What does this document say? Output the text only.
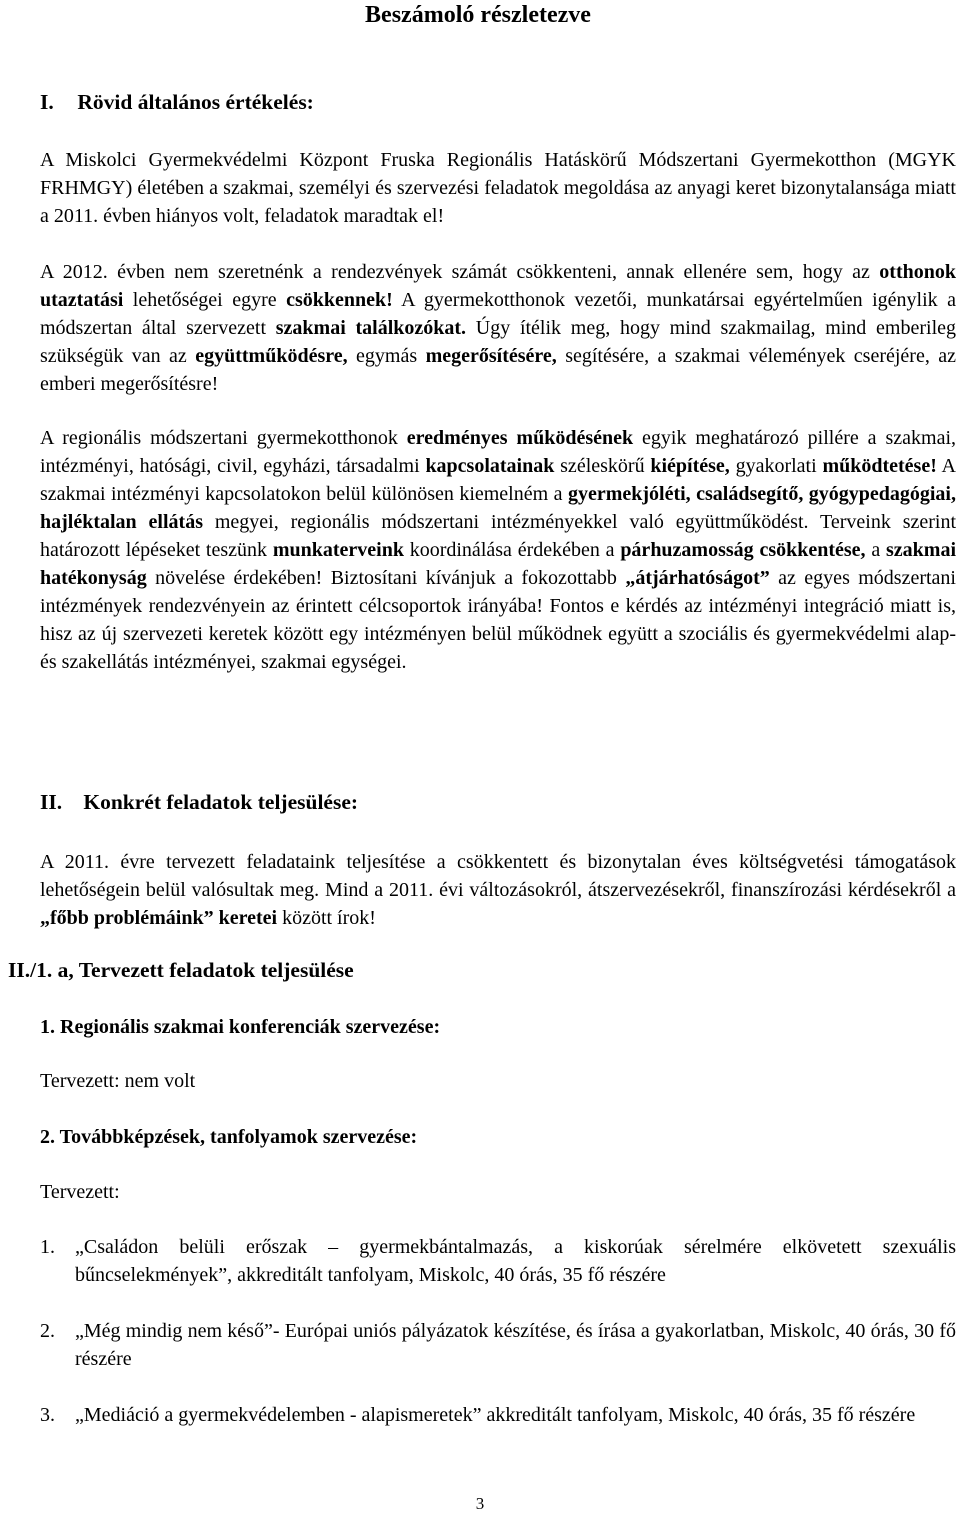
Beszámoló részletezve
I. Rövid általános értékelés:
A Miskolci Gyermekvédelmi Központ Fruska Regionális Hatáskörű Módszertani Gyermekotthon (MGYK FRHMGY) életében a szakmai, személyi és szervezési feladatok megoldása az anyagi keret bizonytalansága miatt a 2011. évben hiányos volt, feladatok maradtak el!
A 2012. évben nem szeretnénk a rendezvények számát csökkenteni, annak ellenére sem, hogy az otthonok utaztatási lehetőségei egyre csökkennek! A gyermekotthonok vezetői, munkatársai egyértelműen igénylik a módszertan által szervezett szakmai találkozókat. Úgy ítélik meg, hogy mind szakmailag, mind emberileg szükségük van az együttműködésre, egymás megerősítésére, segítésére, a szakmai vélemények cseréjére, az emberi megerősítésre!
A regionális módszertani gyermekotthonok eredményes működésének egyik meghatározó pillére a szakmai, intézményi, hatósági, civil, egyházi, társadalmi kapcsolatainak széleskörű kiépítése, gyakorlati működtetése! A szakmai intézményi kapcsolatokon belül különösen kiemelném a gyermekjóléti, családsegítő, gyógypedagógiai, hajléktalan ellátás megyei, regionális módszertani intézményekkel való együttműködést. Terveink szerint határozott lépéseket teszünk munkaterveink koordinálása érdekében a párhuzamosság csökkentése, a szakmai hatékonyság növelése érdekében! Biztosítani kívánjuk a fokozottabb „átjárhatóságot” az egyes módszertani intézmények rendezvényein az érintett célcsoportok irányába! Fontos e kérdés az intézményi integráció miatt is, hisz az új szervezeti keretek között egy intézményen belül működnek együtt a szociális és gyermekvédelmi alap- és szakellátás intézményei, szakmai egységei.
II. Konkrét feladatok teljesülése:
A 2011. évre tervezett feladataink teljesítése a csökkentett és bizonytalan éves költségvetési támogatások lehetőségein belül valósultak meg. Mind a 2011. évi változásokról, átszervezésekről, finanszírozási kérdésekről a „főbb problémáink” keretei között írok!
II./1. a, Tervezett feladatok teljesülése
1. Regionális szakmai konferenciák szervezése:
Tervezett: nem volt
2. Továbbképzések, tanfolyamok szervezése:
Tervezett:
1. „Családon belüli erőszak – gyermekbántalmazás, a kiskorúak sérelmére elkövetett szexuális bűncselekmények”, akkreditált tanfolyam, Miskolc, 40 órás, 35 fő részére
2. „Még mindig nem késő”- Európai uniós pályázatok készítése, és írása a gyakorlatban, Miskolc, 40 órás, 30 fő részére
3. „Mediáció a gyermekvédelemben - alapismeretek” akkreditált tanfolyam, Miskolc, 40 órás, 35 fő részére
3
